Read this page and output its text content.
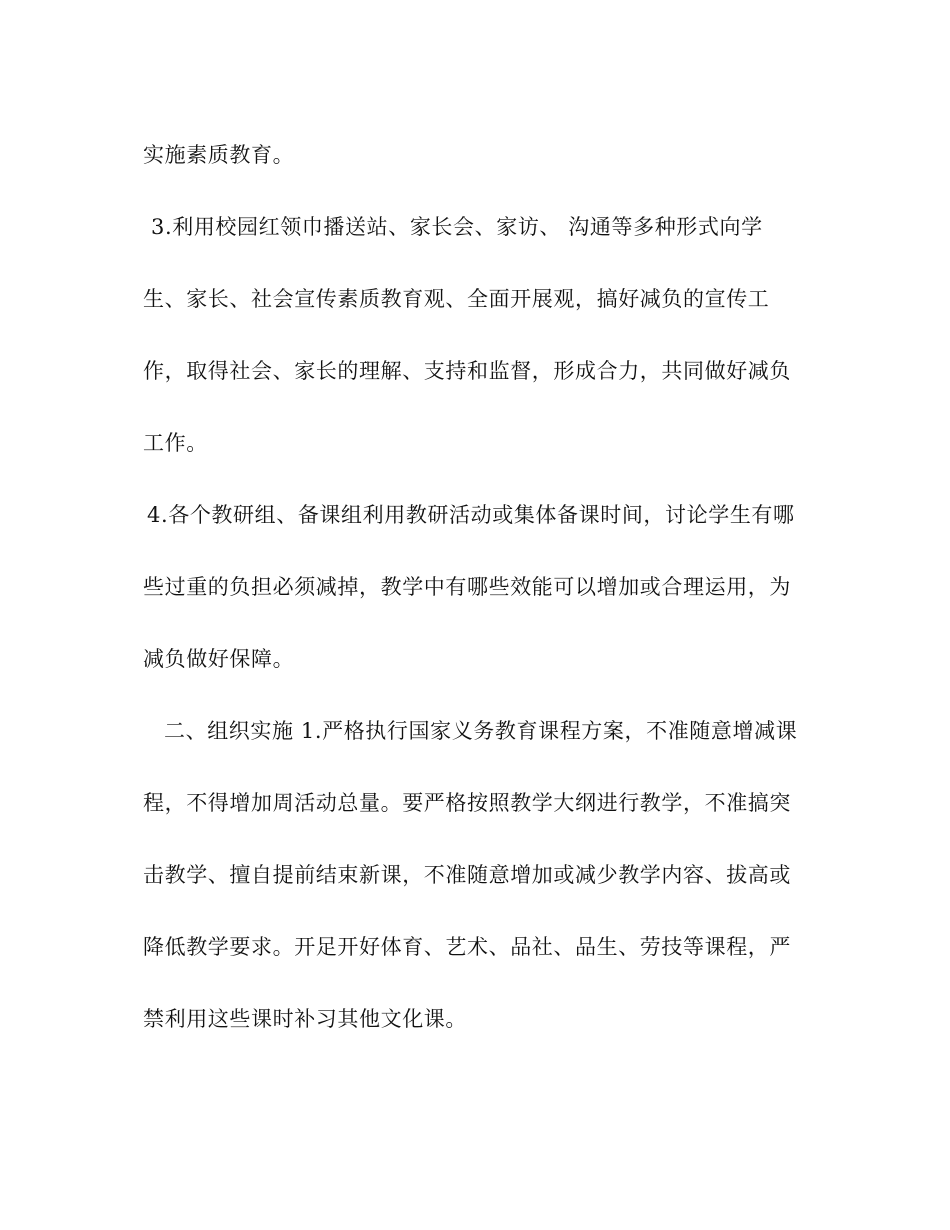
实施素质教育。
3.利用校园红领巾播送站、家长会、家访、 沟通等多种形式向学
生、家长、社会宣传素质教育观、全面开展观，搞好减负的宣传工
作，取得社会、家长的理解、支持和监督，形成合力，共同做好减负
工作。
4.各个教研组、备课组利用教研活动或集体备课时间，讨论学生有哪
些过重的负担必须减掉，教学中有哪些效能可以增加或合理运用，为
减负做好保障。
二、组织实施 1.严格执行国家义务教育课程方案，不准随意增减课
程，不得增加周活动总量。要严格按照教学大纲进行教学，不准搞突
击教学、擅自提前结束新课，不准随意增加或减少教学内容、拔高或
降低教学要求。开足开好体育、艺术、品社、品生、劳技等课程，严
禁利用这些课时补习其他文化课。
